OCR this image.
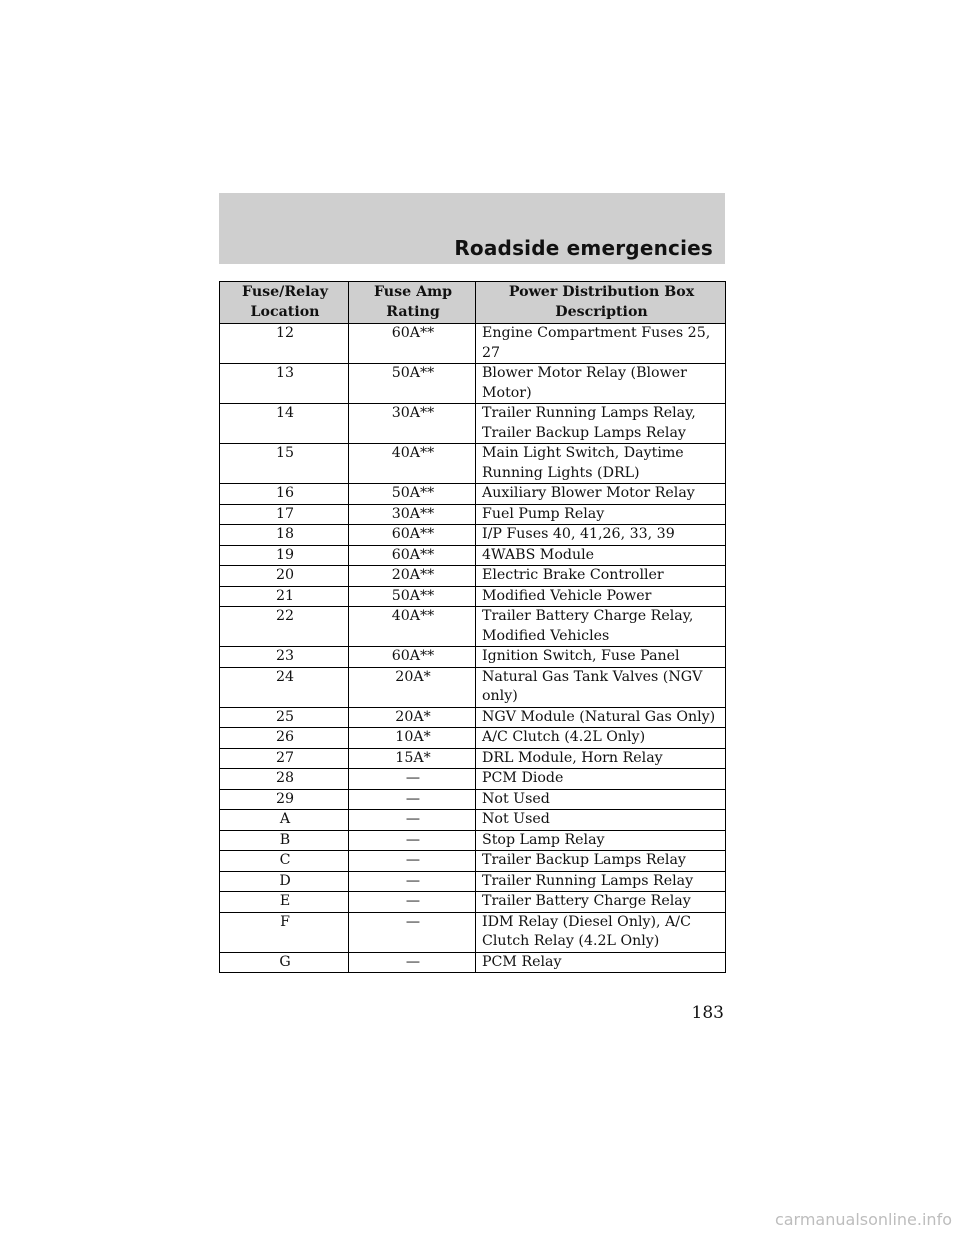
Roadside emergencies
Fuse/Relay Location	Fuse Amp Rating	Power Distribution Box Description
12	60A**	Engine Compartment Fuses 25, 27
13	50A**	Blower Motor Relay (Blower Motor)
14	30A**	Trailer Running Lamps Relay, Trailer Backup Lamps Relay
15	40A**	Main Light Switch, Daytime Running Lights (DRL)
16	50A**	Auxiliary Blower Motor Relay
17	30A**	Fuel Pump Relay
18	60A**	I/P Fuses 40, 41,26, 33, 39
19	60A**	4WABS Module
20	20A**	Electric Brake Controller
21	50A**	Modified Vehicle Power
22	40A**	Trailer Battery Charge Relay, Modified Vehicles
23	60A**	Ignition Switch, Fuse Panel
24	20A*	Natural Gas Tank Valves (NGV only)
25	20A*	NGV Module (Natural Gas Only)
26	10A*	A/C Clutch (4.2L Only)
27	15A*	DRL Module, Horn Relay
28	—	PCM Diode
29	—	Not Used
A	—	Not Used
B	—	Stop Lamp Relay
C	—	Trailer Backup Lamps Relay
D	—	Trailer Running Lamps Relay
E	—	Trailer Battery Charge Relay
F	—	IDM Relay (Diesel Only), A/C Clutch Relay (4.2L Only)
G	—	PCM Relay
183
carmanualsonline.info
